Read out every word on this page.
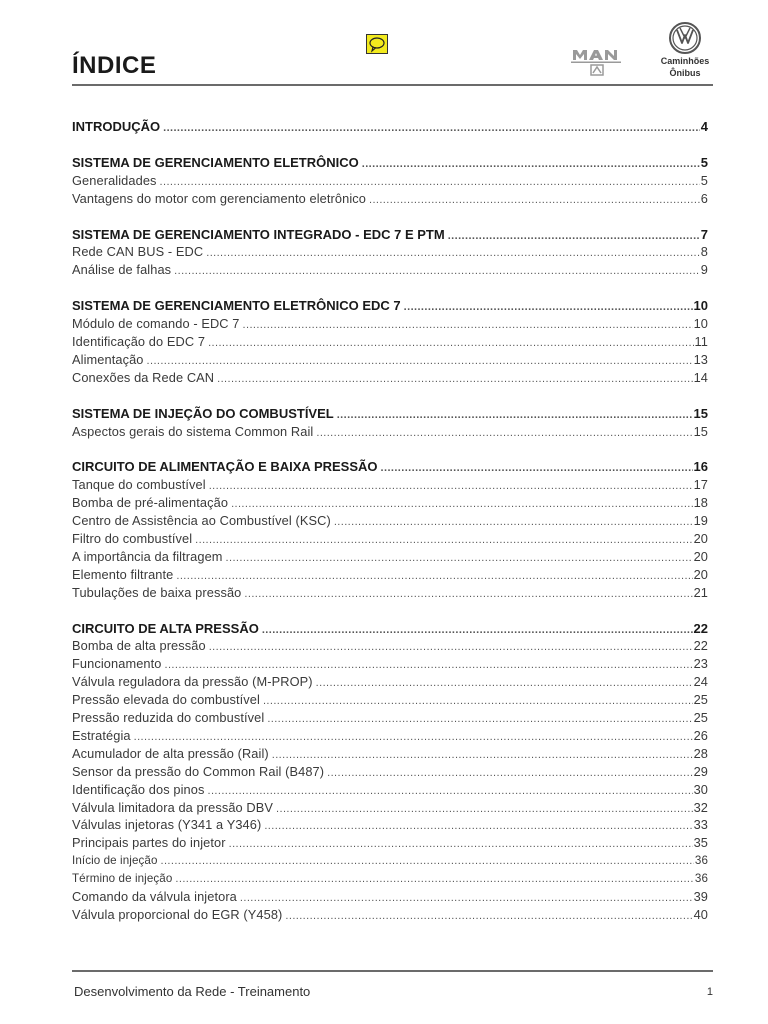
ÍNDICE	Caminhões
Ônibus
INTRODUÇÃO .....	4
SISTEMA DE GERENCIAMENTO ELETRÔNICO .....	5
Generalidades .....	5
Vantagens do motor com gerenciamento eletrônico .....	6
SISTEMA DE GERENCIAMENTO INTEGRADO - EDC 7 E PTM .....	7
Rede CAN BUS - EDC .....	8
Análise de falhas .....	9
SISTEMA DE GERENCIAMENTO ELETRÔNICO EDC 7 .....	10
Módulo de comando - EDC 7 .....	10
Identificação do EDC 7 .....	11
Alimentação .....	13
Conexões da Rede CAN .....	14
SISTEMA DE INJEÇÃO DO COMBUSTÍVEL .....	15
Aspectos gerais do sistema Common Rail .....	15
CIRCUITO DE ALIMENTAÇÃO E BAIXA PRESSÃO .....	16
Tanque do combustível .....	17
Bomba de pré-alimentação .....	18
Centro de Assistência ao Combustível (KSC) .....	19
Filtro do combustível .....	20
A importância da filtragem .....	20
Elemento filtrante .....	20
Tubulações de baixa pressão .....	21
CIRCUITO DE ALTA PRESSÃO .....	22
Bomba de alta pressão .....	22
Funcionamento .....	23
Válvula reguladora da pressão (M-PROP) .....	24
Pressão elevada do combustível .....	25
Pressão reduzida do combustível .....	25
Estratégia .....	26
Acumulador de alta pressão (Rail) .....	28
Sensor da pressão do Common Rail (B487) .....	29
Identificação dos pinos .....	30
Válvula limitadora da pressão DBV .....	32
Válvulas injetoras (Y341 a Y346) .....	33
Principais partes do injetor .....	35
Início de injeção .....	36
Término de injeção .....	36
Comando da válvula injetora .....	39
Válvula proporcional do EGR (Y458) .....	40
Desenvolvimento da Rede - Treinamento	1
